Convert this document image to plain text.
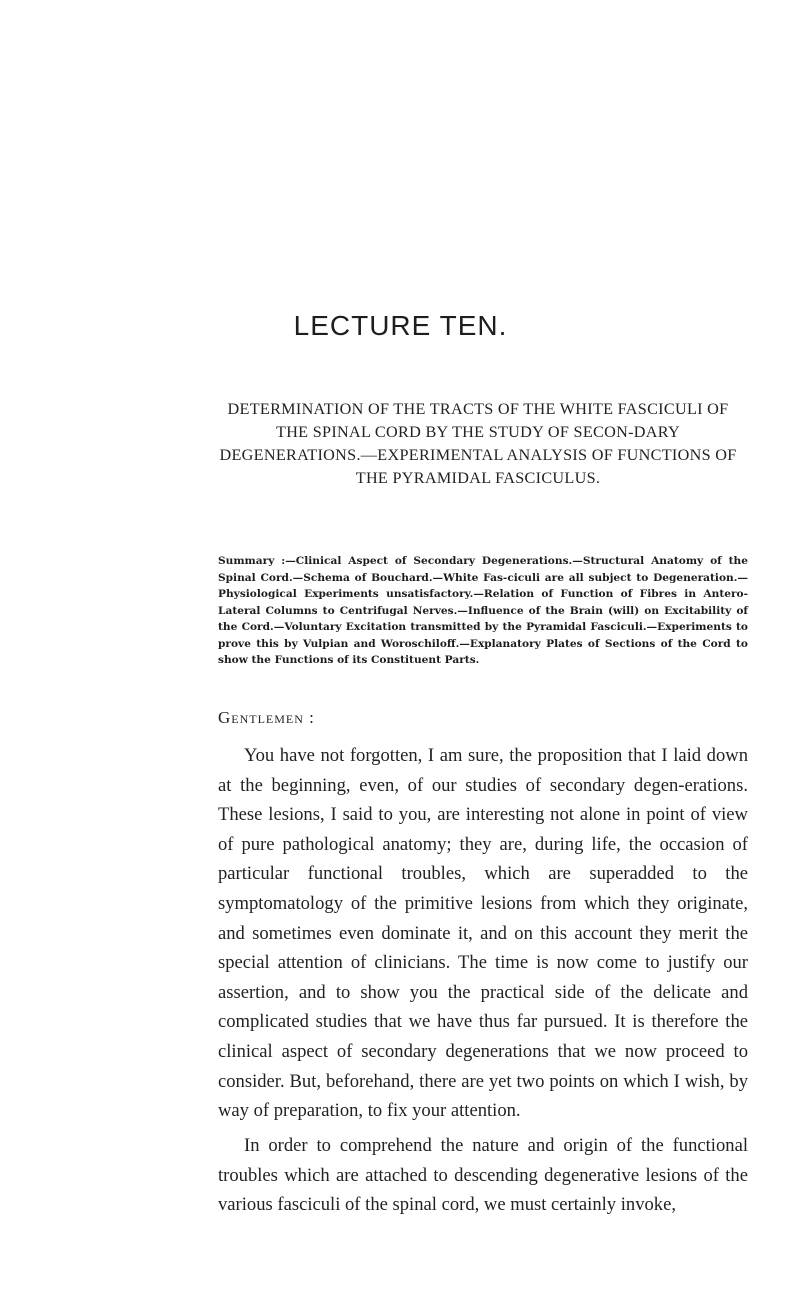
LECTURE TEN.
DETERMINATION OF THE TRACTS OF THE WHITE FASCICULI OF THE SPINAL CORD BY THE STUDY OF SECON-DARY DEGENERATIONS.—EXPERIMENTAL ANALYSIS OF FUNCTIONS OF THE PYRAMIDAL FASCICULUS.

Summary :—Clinical Aspect of Secondary Degenerations.—Structural Anatomy of the Spinal Cord.—Schema of Bouchard.—White Fas-ciculi are all subject to Degeneration.—Physiological Experiments unsatisfactory.—Relation of Function of Fibres in Antero-Lateral Columns to Centrifugal Nerves.—Influence of the Brain (will) on Excitability of the Cord.—Voluntary Excitation transmitted by the Pyramidal Fasciculi.—Experiments to prove this by Vulpian and Woroschiloff.—Explanatory Plates of Sections of the Cord to show the Functions of its Constituent Parts.

Gentlemen :

You have not forgotten, I am sure, the proposition that I laid down at the beginning, even, of our studies of secondary degen-erations. These lesions, I said to you, are interesting not alone in point of view of pure pathological anatomy; they are, during life, the occasion of particular functional troubles, which are superadded to the symptomatology of the primitive lesions from which they originate, and sometimes even dominate it, and on this account they merit the special attention of clinicians. The time is now come to justify our assertion, and to show you the practical side of the delicate and complicated studies that we have thus far pursued. It is therefore the clinical aspect of secondary degenerations that we now proceed to consider. But, beforehand, there are yet two points on which I wish, by way of preparation, to fix your attention.

In order to comprehend the nature and origin of the functional troubles which are attached to descending degenerative lesions of the various fasciculi of the spinal cord, we must certainly invoke,
